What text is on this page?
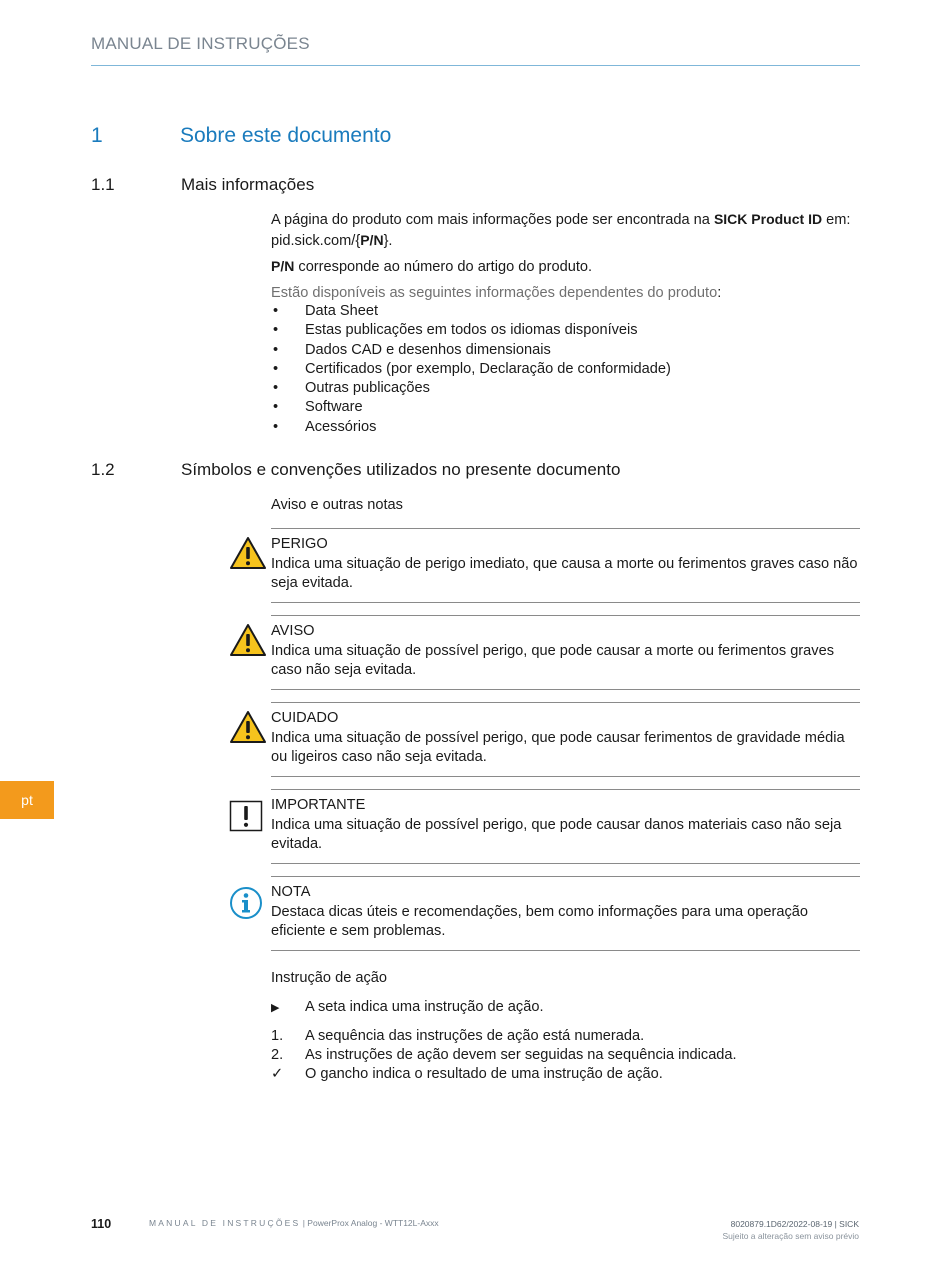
MANUAL DE INSTRUÇÕES
1	Sobre este documento
1.1	Mais informações
A página do produto com mais informações pode ser encontrada na SICK Product ID em: pid.sick.com/{P/N}.
P/N corresponde ao número do artigo do produto.
Estão disponíveis as seguintes informações dependentes do produto:
• Data Sheet
• Estas publicações em todos os idiomas disponíveis
• Dados CAD e desenhos dimensionais
• Certificados (por exemplo, Declaração de conformidade)
• Outras publicações
• Software
• Acessórios
1.2	Símbolos e convenções utilizados no presente documento
Aviso e outras notas
PERIGO
Indica uma situação de perigo imediato, que causa a morte ou ferimentos graves caso não seja evitada.
AVISO
Indica uma situação de possível perigo, que pode causar a morte ou ferimentos graves caso não seja evitada.
CUIDADO
Indica uma situação de possível perigo, que pode causar ferimentos de gravidade média ou ligeiros caso não seja evitada.
IMPORTANTE
Indica uma situação de possível perigo, que pode causar danos materiais caso não seja evitada.
NOTA
Destaca dicas úteis e recomendações, bem como informações para uma operação eficiente e sem problemas.
Instrução de ação
▶ A seta indica uma instrução de ação.
1. A sequência das instruções de ação está numerada.
2. As instruções de ação devem ser seguidas na sequência indicada.
✓ O gancho indica o resultado de uma instrução de ação.
pt
110	MANUAL DE INSTRUÇÕES | PowerProx Analog - WTT12L-Axxx	8020879.1D62/2022-08-19 | SICK
Sujeito a alteração sem aviso prévio
